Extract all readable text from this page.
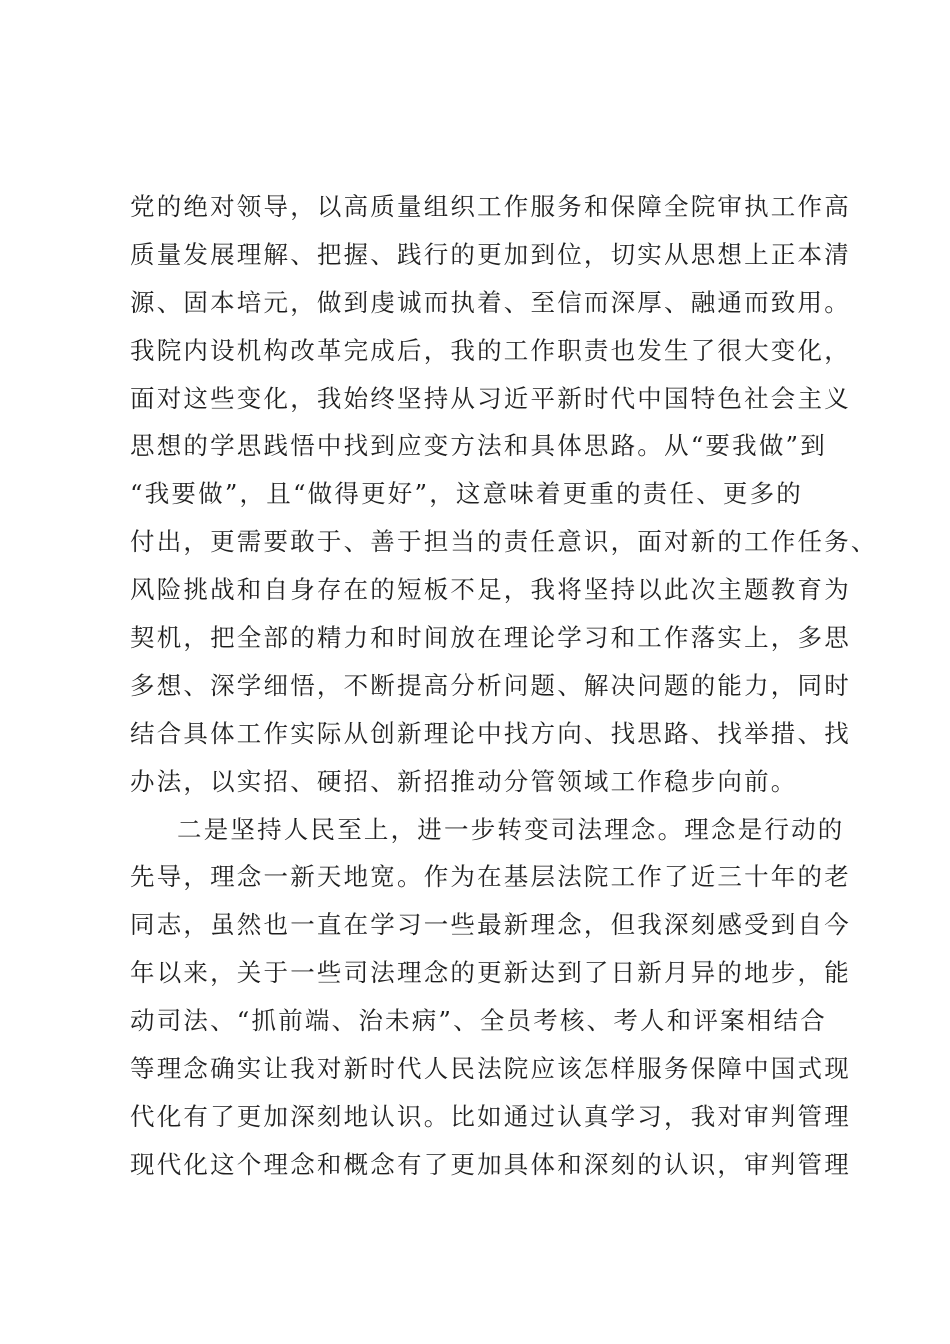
党的绝对领导，以高质量组织工作服务和保障全院审执工作高
质量发展理解、把握、践行的更加到位，切实从思想上正本清
源、固本培元，做到虔诚而执着、至信而深厚、融通而致用。
我院内设机构改革完成后，我的工作职责也发生了很大变化，
面对这些变化，我始终坚持从习近平新时代中国特色社会主义
思想的学思践悟中找到应变方法和具体思路。从“要我做”到
“我要做”，且“做得更好”，这意味着更重的责任、更多的
付出，更需要敢于、善于担当的责任意识，面对新的工作任务、
风险挑战和自身存在的短板不足，我将坚持以此次主题教育为
契机，把全部的精力和时间放在理论学习和工作落实上，多思
多想、深学细悟，不断提高分析问题、解决问题的能力，同时
结合具体工作实际从创新理论中找方向、找思路、找举措、找
办法，以实招、硬招、新招推动分管领域工作稳步向前。
二是坚持人民至上，进一步转变司法理念。理念是行动的
先导，理念一新天地宽。作为在基层法院工作了近三十年的老
同志，虽然也一直在学习一些最新理念，但我深刻感受到自今
年以来，关于一些司法理念的更新达到了日新月异的地步，能
动司法、“抓前端、治未病”、全员考核、考人和评案相结合
等理念确实让我对新时代人民法院应该怎样服务保障中国式现
代化有了更加深刻地认识。比如通过认真学习，我对审判管理
现代化这个理念和概念有了更加具体和深刻的认识，审判管理
